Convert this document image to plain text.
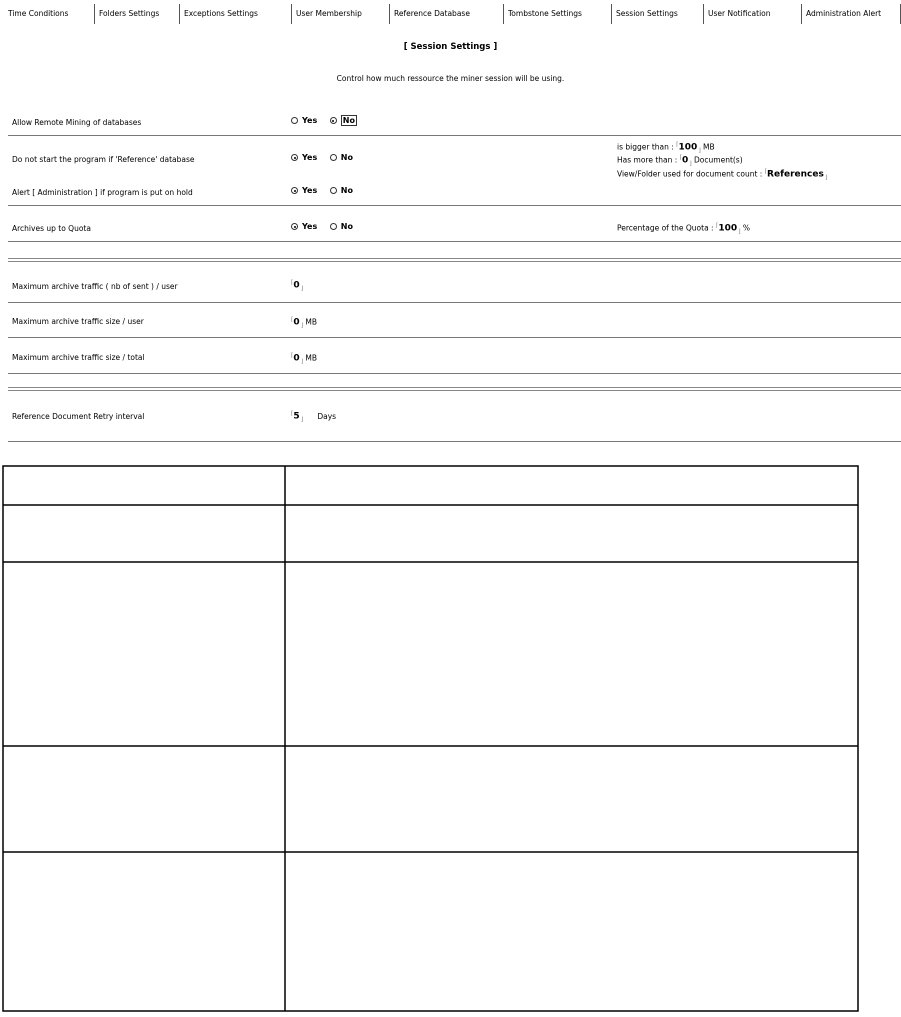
Time Conditions	Folders Settings	Exceptions Settings	User Membership	Reference Database	Tombstone Settings	Session Settings	User Notification	Administration Alert
[ Session Settings ]
Control how much ressource the miner session will be using.
Allow Remote Mining of databases	Yes	No
Do not start the program if 'Reference' database	Yes	No
is bigger than : $^⌈100_⌋$ MB
Has more than : $^⌈0_⌋$ Document(s)
View/Folder used for document count : ⌈References$_⌋$
Alert [ Administration ] if program is put on hold	Yes	No
Archives up to Quota	Yes	No	Percentage of the Quota : $^⌈100_⌋$ %
Maximum archive traffic ( nb of sent ) / user	$^⌈0_⌋$
Maximum archive traffic size / user	$^⌈0_⌋$ MB
Maximum archive traffic size / total	$^⌈0_⌋$ MB
Reference Document Retry interval	$^⌈5_⌋$ Days
